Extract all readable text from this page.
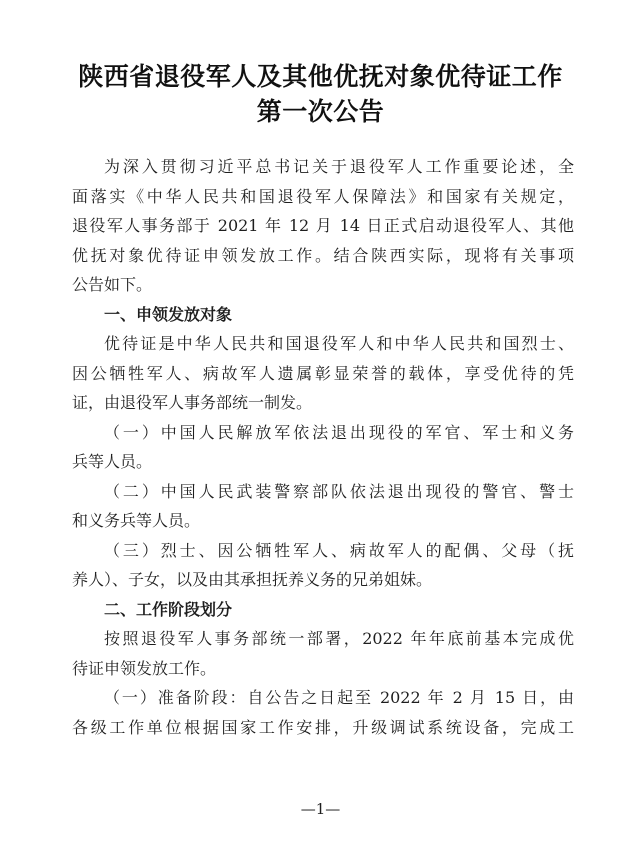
陕西省退役军人及其他优抚对象优待证工作
第一次公告

为深入贯彻习近平总书记关于退役军人工作重要论述，全

面落实《中华人民共和国退役军人保障法》和国家有关规定，

退役军人事务部于 2021 年 12 月 14 日正式启动退役军人、其他

优抚对象优待证申领发放工作。结合陕西实际，现将有关事项

公告如下。

一、申领发放对象

优待证是中华人民共和国退役军人和中华人民共和国烈士、

因公牺牲军人、病故军人遗属彰显荣誉的载体，享受优待的凭

证，由退役军人事务部统一制发。

（一）中国人民解放军依法退出现役的军官、军士和义务

兵等人员。

（二）中国人民武装警察部队依法退出现役的警官、警士

和义务兵等人员。

（三）烈士、因公牺牲军人、病故军人的配偶、父母（抚

养人）、子女，以及由其承担抚养义务的兄弟姐妹。

二、工作阶段划分

按照退役军人事务部统一部署，2022 年年底前基本完成优

待证申领发放工作。

（一）准备阶段：自公告之日起至 2022 年 2 月 15 日，由

各级工作单位根据国家工作安排，升级调试系统设备，完成工

—1—
